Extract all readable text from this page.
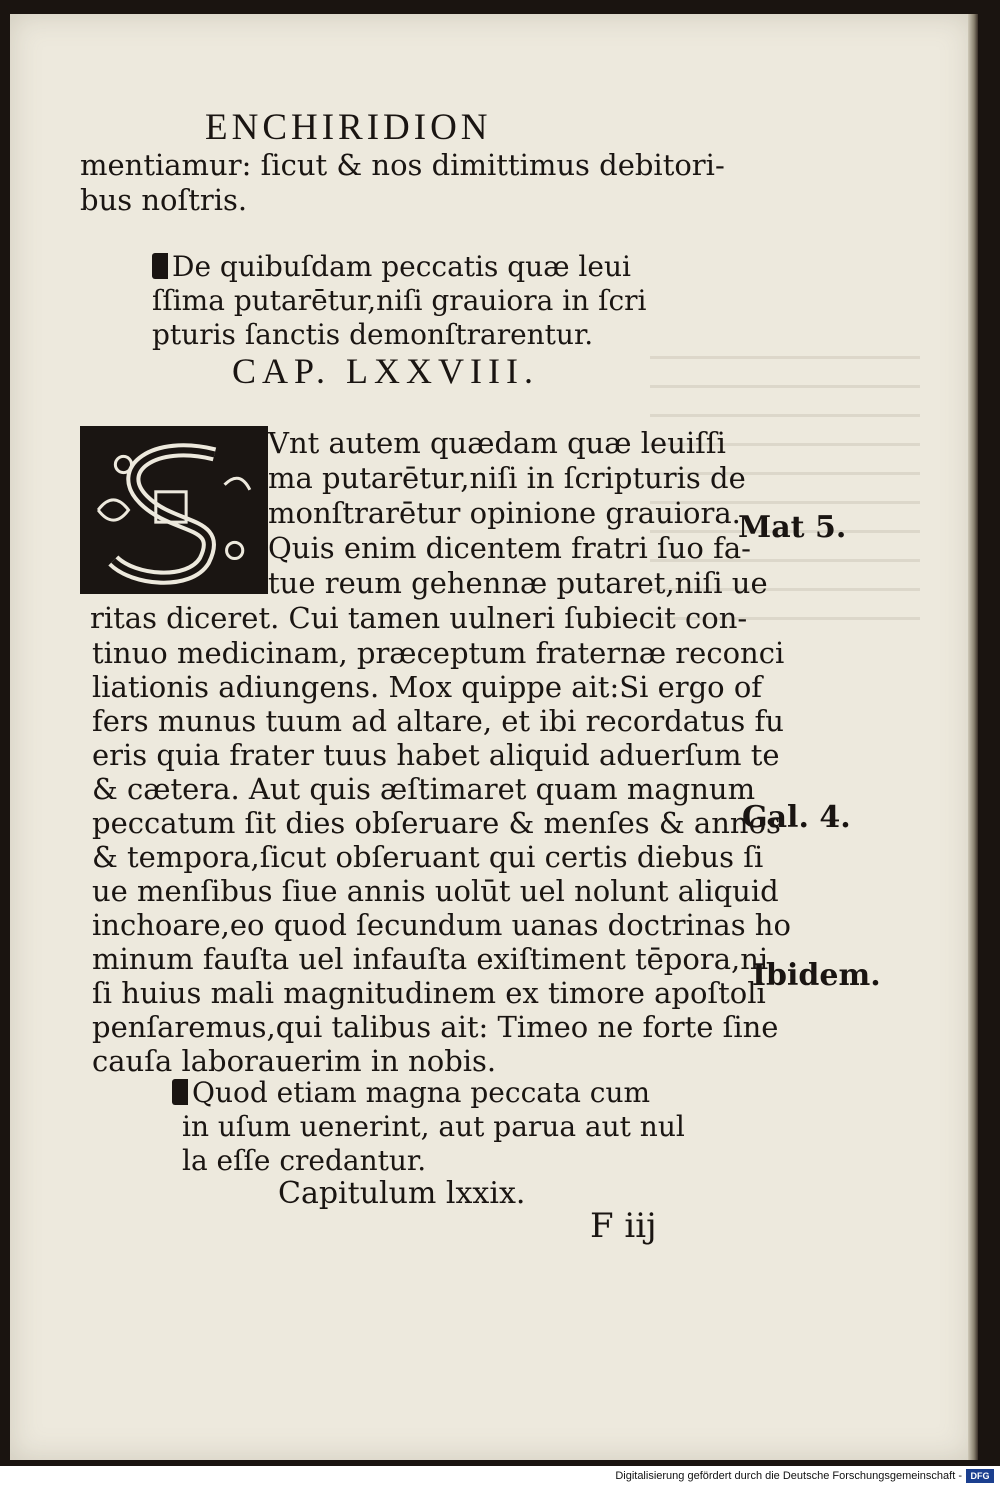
ENCHIRIDION
mentiamur: ſicut & nos dimittimus debitori-
bus noſtris.
De quibuſdam peccatis quæ leui
ſſima putarētur,niſi grauiora in ſcri
pturis ſanctis demonſtrarentur.
CAP. LXXVIII.
Vnt autem quædam quæ leuiſſi
ma putarētur,niſi in ſcripturis de
monſtrarētur opinione grauiora.
Quis enim dicentem fratri ſuo fa-
tue reum gehennæ putaret,niſi ue
ritas diceret. Cui tamen uulneri ſubiecit con-
tinuo medicinam, præceptum fraternæ reconci
liationis adiungens. Mox quippe ait:Si ergo of
fers munus tuum ad altare, et ibi recordatus fu
eris quia frater tuus habet aliquid aduerſum te
& cætera. Aut quis æſtimaret quam magnum
peccatum ſit dies obſeruare & menſes & annos
& tempora,ſicut obſeruant qui certis diebus ſi
ue menſibus ſiue annis uolūt uel nolunt aliquid
inchoare,eo quod ſecundum uanas doctrinas ho
minum fauſta uel infauſta exiſtiment tēpora,ni
ſi huius mali magnitudinem ex timore apoſtoli
penſaremus,qui talibus ait: Timeo ne forte ſine
cauſa laborauerim in nobis.
Mat 5.
Gal. 4.
Ibidem.
Quod etiam magna peccata cum
in uſum uenerint, aut parua aut nul
la eſſe credantur.
Capitulum lxxix.
F iij
Digitalisierung gefördert durch die Deutsche Forschungsgemeinschaft - DFG
